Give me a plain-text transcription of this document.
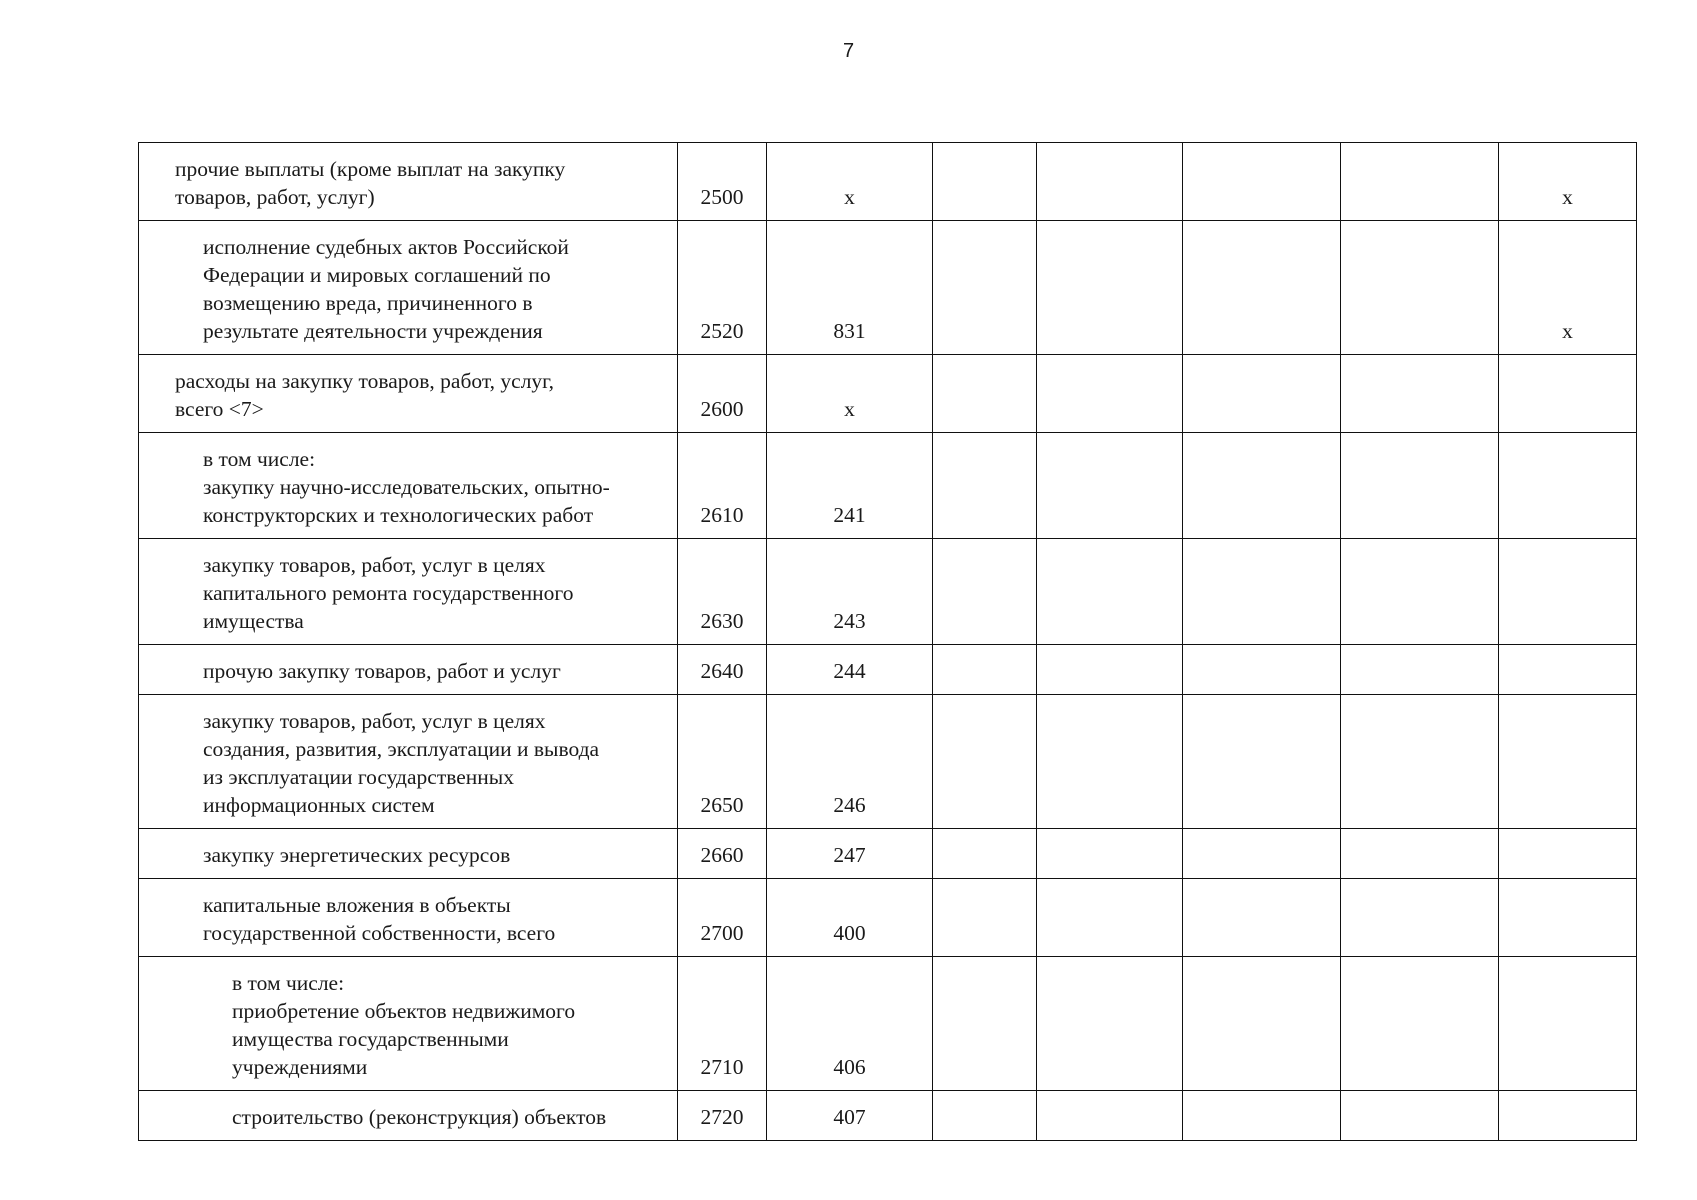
7
прочие выплаты (кроме выплат на закупку
товаров, работ, услуг)	2500	x					x

исполнение судебных актов Российской
Федерации и мировых соглашений по
возмещению вреда, причиненного в
результате деятельности учреждения	2520	831					x

расходы на закупку товаров, работ, услуг,
всего <7>	2600	x					

в том числе:
закупку научно-исследовательских, опытно-
конструкторских и технологических работ	2610	241					

закупку товаров, работ, услуг в целях
капитального ремонта государственного
имущества	2630	243					

прочую закупку товаров, работ и услуг	2640	244					

закупку товаров, работ, услуг в целях
создания, развития, эксплуатации и вывода
из эксплуатации государственных
информационных систем	2650	246					

закупку энергетических ресурсов	2660	247					

капитальные вложения в объекты
государственной собственности, всего	2700	400					

в том числе:
приобретение объектов недвижимого
имущества государственными
учреждениями	2710	406					

строительство (реконструкция) объектов	2720	407					
